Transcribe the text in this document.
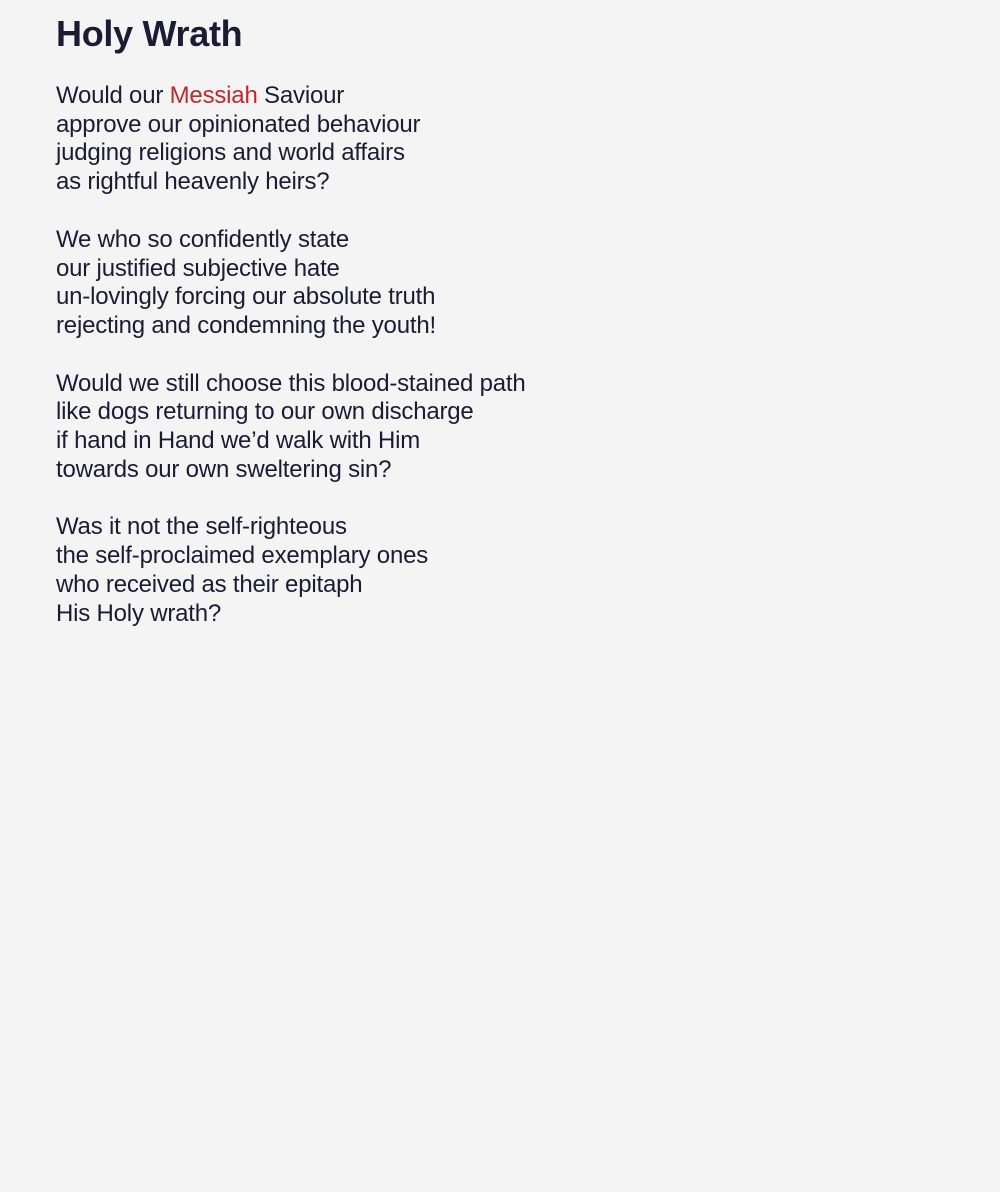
Holy Wrath

Would our Messiah Saviour
approve our opinionated behaviour
judging religions and world affairs
as rightful heavenly heirs?

We who so confidently state
our justified subjective hate
un-lovingly forcing our absolute truth
rejecting and condemning the youth!

Would we still choose this blood-stained path
like dogs returning to our own discharge
if hand in Hand we’d walk with Him
towards our own sweltering sin?

Was it not the self-righteous
the self-proclaimed exemplary ones
who received as their epitaph
His Holy wrath?
